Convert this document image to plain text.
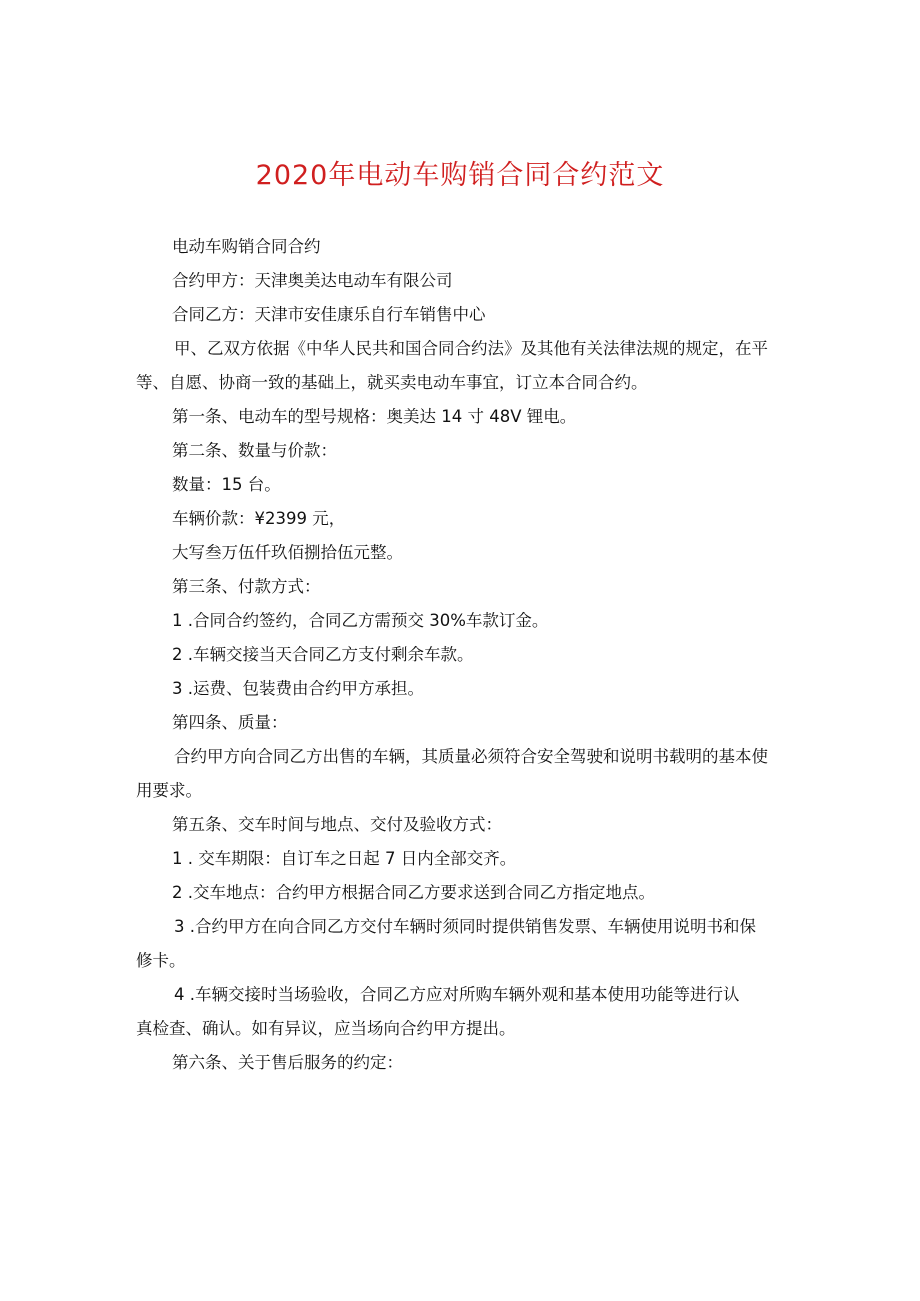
2020年电动车购销合同合约范文

电动车购销合同合约

合约甲方：天津奥美达电动车有限公司

合同乙方：天津市安佳康乐自行车销售中心

甲、乙双方依据《中华人民共和国合同合约法》及其他有关法律法规的规定，在平

等、自愿、协商一致的基础上，就买卖电动车事宜，订立本合同合约。

第一条、电动车的型号规格：奥美达 14 寸 48V 锂电。

第二条、数量与价款：

数量：15 台。

车辆价款：¥2399 元，

大写叁万伍仟玖佰捌拾伍元整。

第三条、付款方式：

1 .合同合约签约，合同乙方需预交 30%车款订金。

2 .车辆交接当天合同乙方支付剩余车款。

3 .运费、包装费由合约甲方承担。

第四条、质量：

合约甲方向合同乙方出售的车辆，其质量必须符合安全驾驶和说明书载明的基本使

用要求。

第五条、交车时间与地点、交付及验收方式：

1 . 交车期限：自订车之日起 7 日内全部交齐。

2 .交车地点：合约甲方根据合同乙方要求送到合同乙方指定地点。

3 .合约甲方在向合同乙方交付车辆时须同时提供销售发票、车辆使用说明书和保

修卡。

4 .车辆交接时当场验收，合同乙方应对所购车辆外观和基本使用功能等进行认

真检查、确认。如有异议，应当场向合约甲方提出。

第六条、关于售后服务的约定：
